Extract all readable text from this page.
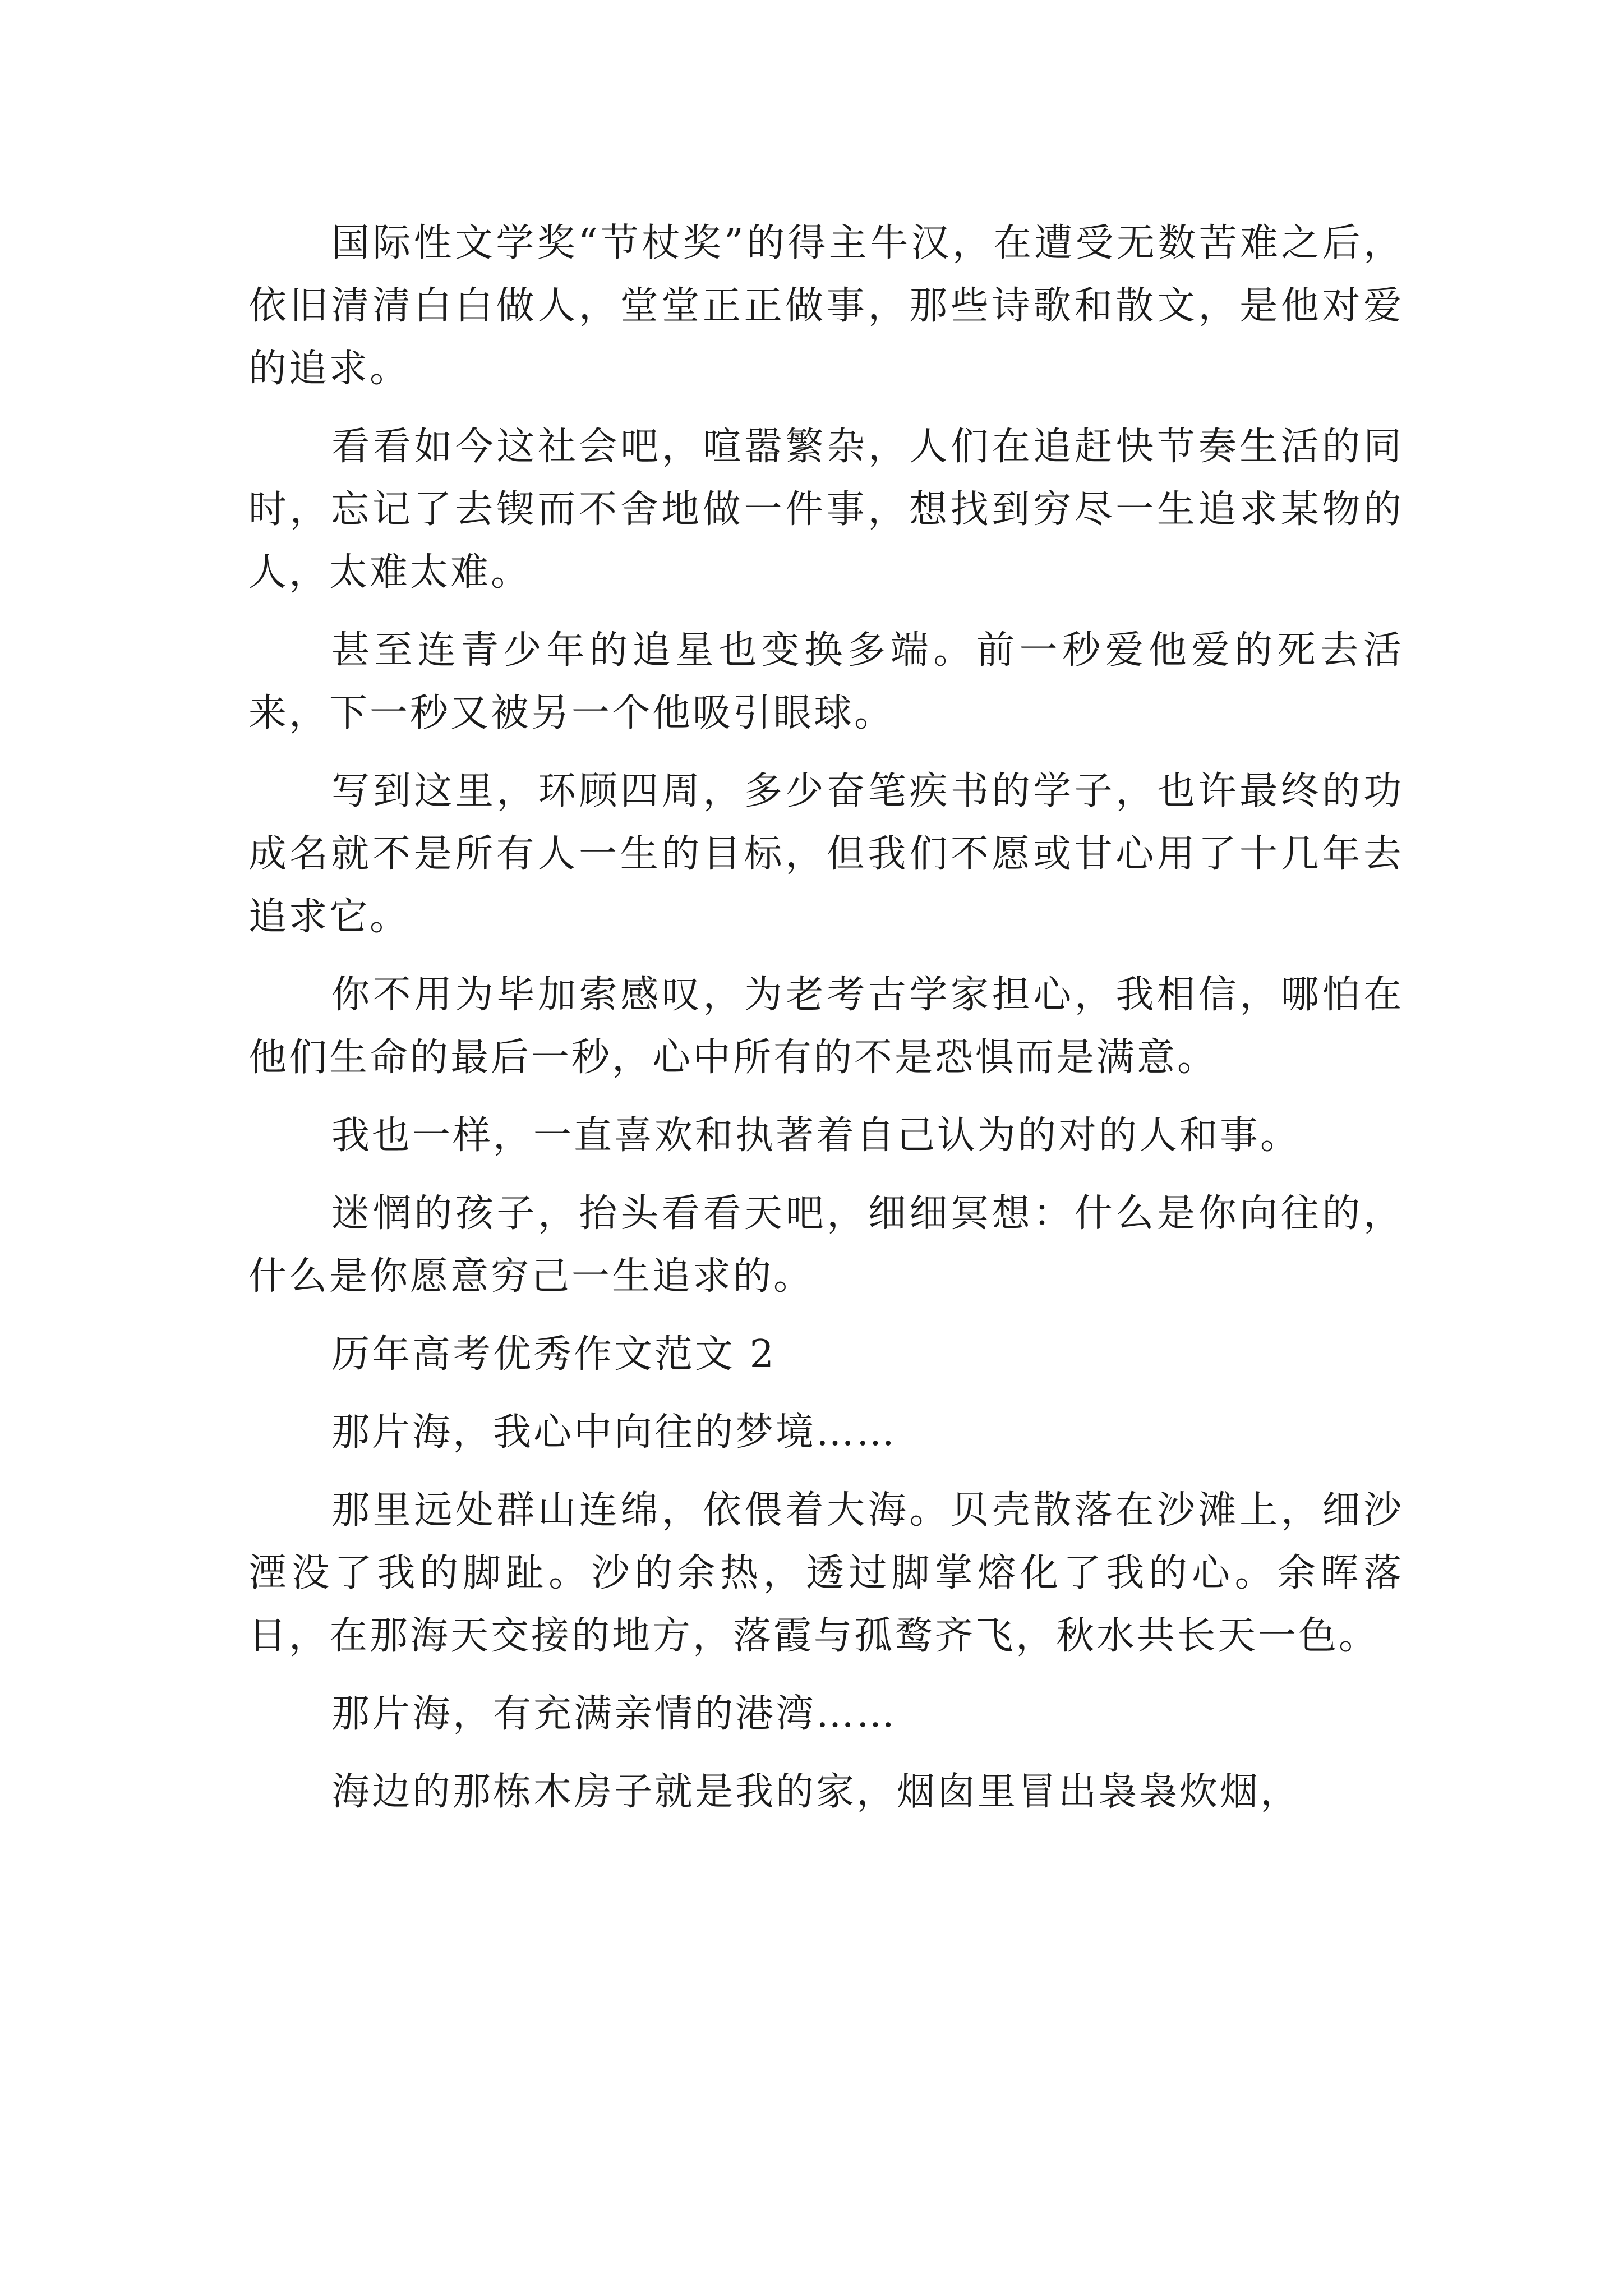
国际性文学奖“节杖奖”的得主牛汉，在遭受无数苦难之后，依旧清清白白做人，堂堂正正做事，那些诗歌和散文，是他对爱的追求。

看看如今这社会吧，喧嚣繁杂，人们在追赶快节奏生活的同时，忘记了去锲而不舍地做一件事，想找到穷尽一生追求某物的人，太难太难。

甚至连青少年的追星也变换多端。前一秒爱他爱的死去活来，下一秒又被另一个他吸引眼球。

写到这里，环顾四周，多少奋笔疾书的学子，也许最终的功成名就不是所有人一生的目标，但我们不愿或甘心用了十几年去追求它。

你不用为毕加索感叹，为老考古学家担心，我相信，哪怕在他们生命的最后一秒，心中所有的不是恐惧而是满意。

我也一样，一直喜欢和执著着自己认为的对的人和事。

迷惘的孩子，抬头看看天吧，细细冥想：什么是你向往的，什么是你愿意穷己一生追求的。

历年高考优秀作文范文 2

那片海，我心中向往的梦境……

那里远处群山连绵，依偎着大海。贝壳散落在沙滩上，细沙湮没了我的脚趾。沙的余热，透过脚掌熔化了我的心。余晖落日，在那海天交接的地方，落霞与孤鹜齐飞，秋水共长天一色。

那片海，有充满亲情的港湾……

海边的那栋木房子就是我的家，烟囱里冒出袅袅炊烟，
